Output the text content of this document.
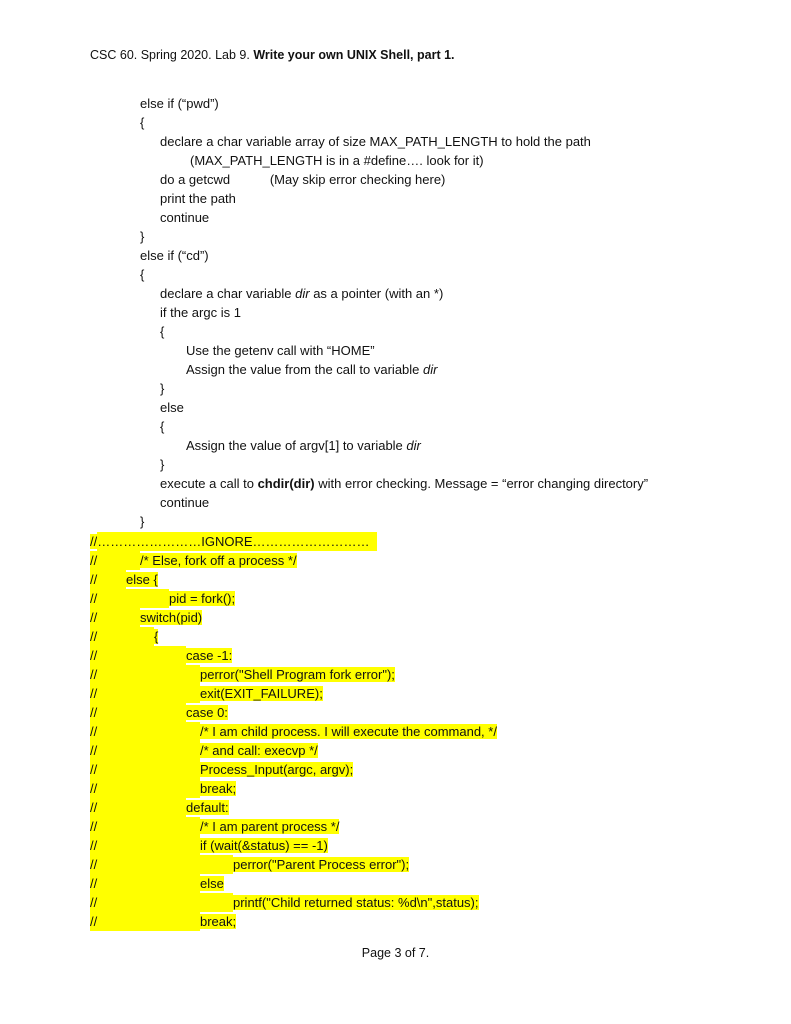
CSC 60. Spring 2020. Lab 9. Write your own UNIX Shell, part 1.
else if (“pwd”)
{
declare a char variable array of size MAX_PATH_LENGTH to hold the path
(MAX_PATH_LENGTH is in a #define…. look for it)
do a getcwd           (May skip error checking here)
print the path
continue
}
else if (“cd”)
{
declare a char variable dir as a pointer (with an *)
if the argc is 1
{
Use the getenv call with “HOME”
Assign the value from the call to variable dir
}
else
{
Assign the value of argv[1] to variable dir
}
execute a call to chdir(dir) with error checking. Message = “error changing directory”
continue
}
//……………………IGNORE………………………
//	/* Else, fork off a process */
// else {
//	pid = fork();
//	switch(pid)
//	{
//	case -1:
//	perror("Shell Program fork error");
//	exit(EXIT_FAILURE);
//	case 0:
//	/* I am child process. I will execute the command, */
//	/* and call: execvp */
//	Process_Input(argc, argv);
//	break;
//	default:
//	/* I am parent process */
//	if (wait(&status) == -1)
//	perror("Parent Process error");
//	else
//	printf("Child returned status: %d\n",status);
//	break;
Page 3 of 7.
